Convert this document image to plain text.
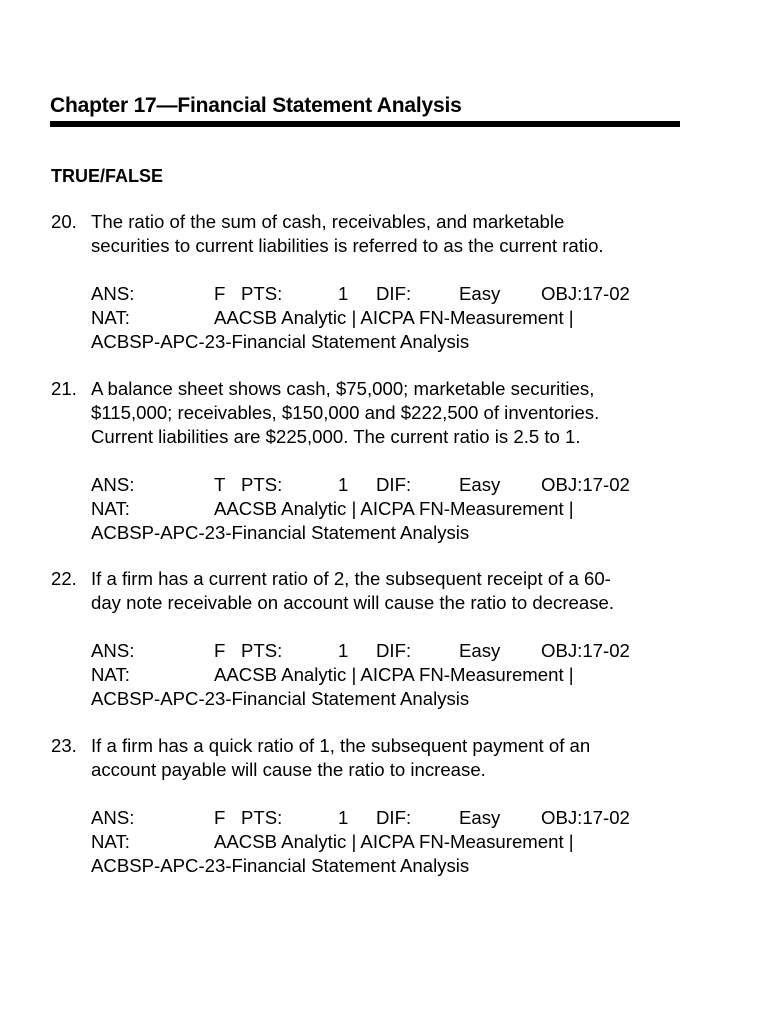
Chapter 17—Financial Statement Analysis
TRUE/FALSE
20. The ratio of the sum of cash, receivables, and marketable
securities to current liabilities is referred to as the current ratio.
ANS:	F PTS:	1 DIF:	Easy OBJ:17-02
NAT:	AACSB Analytic | AICPA FN-Measurement |
ACBSP-APC-23-Financial Statement Analysis
21. A balance sheet shows cash, $75,000; marketable securities,
$115,000; receivables, $150,000 and $222,500 of inventories.
Current liabilities are $225,000. The current ratio is 2.5 to 1.
ANS:	T PTS:	1 DIF:	Easy OBJ:17-02
NAT:	AACSB Analytic | AICPA FN-Measurement |
ACBSP-APC-23-Financial Statement Analysis
22. If a firm has a current ratio of 2, the subsequent receipt of a 60-
day note receivable on account will cause the ratio to decrease.
ANS:	F PTS:	1 DIF:	Easy OBJ:17-02
NAT:	AACSB Analytic | AICPA FN-Measurement |
ACBSP-APC-23-Financial Statement Analysis
23. If a firm has a quick ratio of 1, the subsequent payment of an
account payable will cause the ratio to increase.
ANS:	F PTS:	1 DIF:	Easy OBJ:17-02
NAT:	AACSB Analytic | AICPA FN-Measurement |
ACBSP-APC-23-Financial Statement Analysis
